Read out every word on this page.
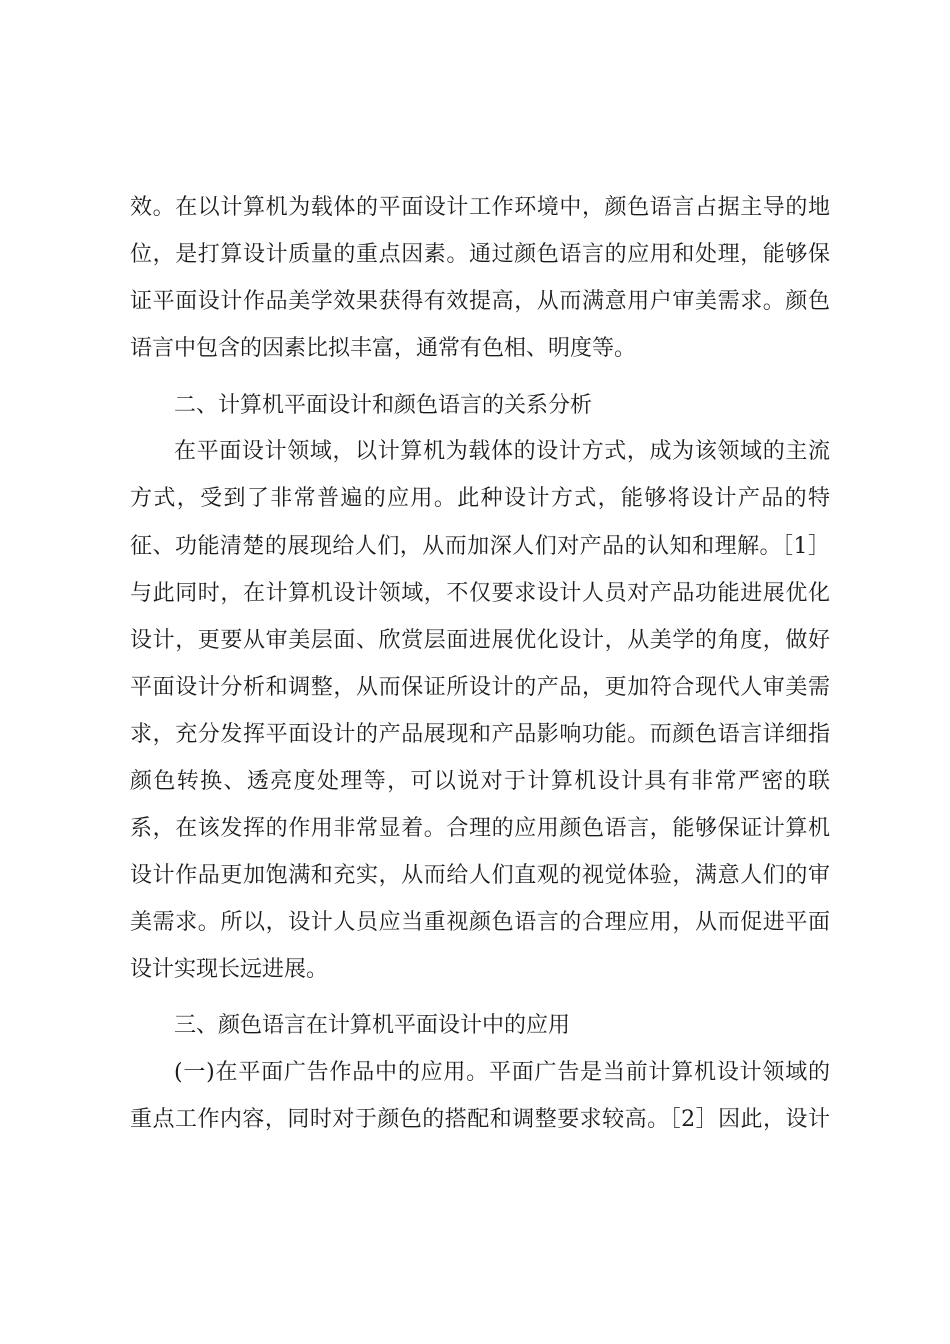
效。在以计算机为载体的平面设计工作环境中，颜色语言占据主导的地
位，是打算设计质量的重点因素。通过颜色语言的应用和处理，能够保
证平面设计作品美学效果获得有效提高，从而满意用户审美需求。颜色
语言中包含的因素比拟丰富，通常有色相、明度等。
二、计算机平面设计和颜色语言的关系分析
在平面设计领域，以计算机为载体的设计方式，成为该领域的主流
方式，受到了非常普遍的应用。此种设计方式，能够将设计产品的特
征、功能清楚的展现给人们，从而加深人们对产品的认知和理解。［1］
与此同时，在计算机设计领域，不仅要求设计人员对产品功能进展优化
设计，更要从审美层面、欣赏层面进展优化设计，从美学的角度，做好
平面设计分析和调整，从而保证所设计的产品，更加符合现代人审美需
求，充分发挥平面设计的产品展现和产品影响功能。而颜色语言详细指
颜色转换、透亮度处理等，可以说对于计算机设计具有非常严密的联
系，在该发挥的作用非常显着。合理的应用颜色语言，能够保证计算机
设计作品更加饱满和充实，从而给人们直观的视觉体验，满意人们的审
美需求。所以，设计人员应当重视颜色语言的合理应用，从而促进平面
设计实现长远进展。
三、颜色语言在计算机平面设计中的应用
(一)在平面广告作品中的应用。平面广告是当前计算机设计领域的
重点工作内容，同时对于颜色的搭配和调整要求较高。［2］因此，设计
